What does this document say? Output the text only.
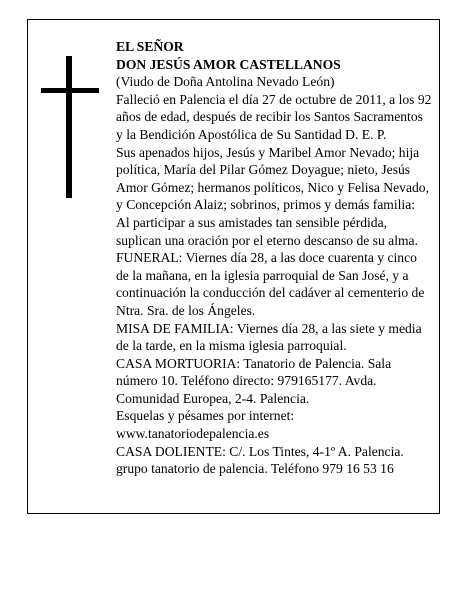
EL SEÑOR

DON JESÚS AMOR CASTELLANOS

(Viudo de Doña Antolina Nevado León)

Falleció en Palencia el día 27 de octubre de 2011, a los 92 años de edad, después de recibir los Santos Sacramentos y la Bendición Apostólica de Su Santidad D. E. P.

Sus apenados hijos, Jesús y Maribel Amor Nevado; hija política, María del Pilar Gómez Doyague; nieto, Jesús Amor Gómez; hermanos políticos, Nico y Felisa Nevado, y Concepción Alaiz; sobrinos, primos y demás familia:

Al participar a sus amistades tan sensible pérdida, suplican una oración por el eterno descanso de su alma.

FUNERAL: Viernes día 28, a las doce cuarenta y cinco de la mañana, en la iglesia parroquial de San José, y a continuación la conducción del cadáver al cementerio de Ntra. Sra. de los Ángeles.

MISA DE FAMILIA: Viernes día 28, a las siete y media de la tarde, en la misma iglesia parroquial.

CASA MORTUORIA: Tanatorio de Palencia. Sala número 10. Teléfono directo: 979165177. Avda. Comunidad Europea, 2-4. Palencia.

Esquelas y pésames por internet: www.tanatoriodepalencia.es

CASA DOLIENTE: C/. Los Tintes, 4-1º A. Palencia. grupo tanatorio de palencia. Teléfono 979 16 53 16
